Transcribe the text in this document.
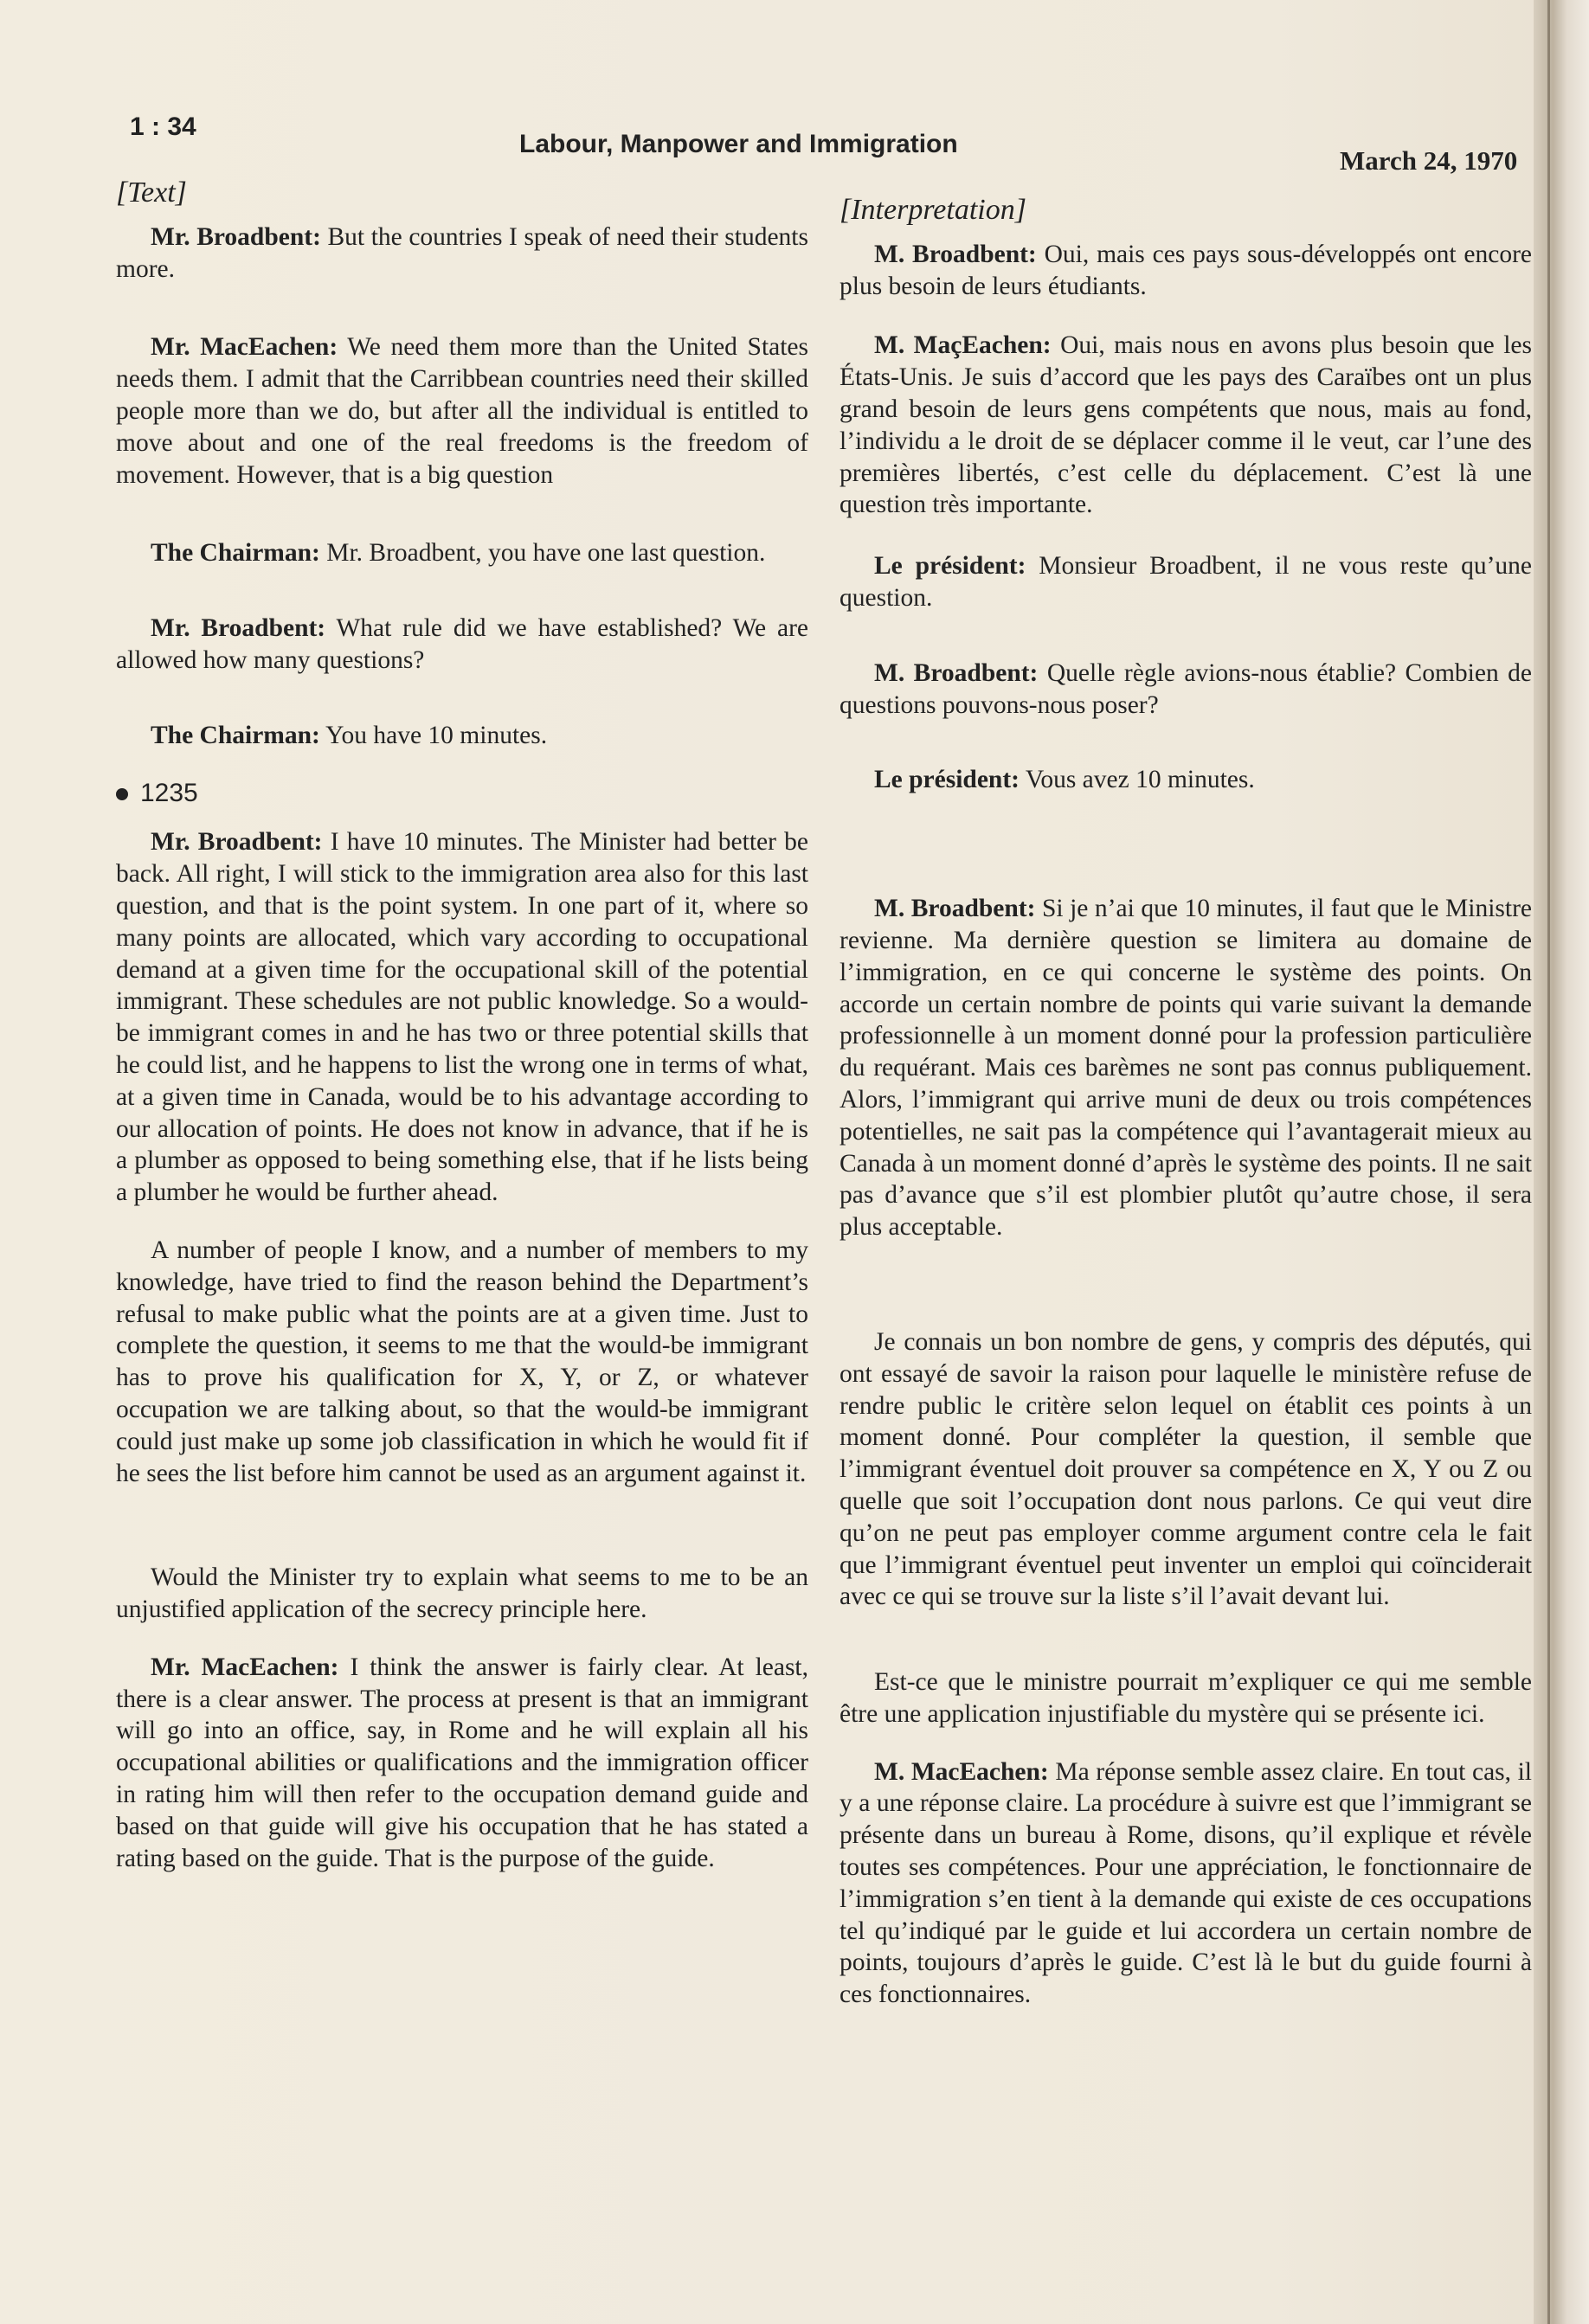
1 : 34
Labour, Manpower and Immigration
March 24, 1970
[Text]

Mr. Broadbent: But the countries I speak of need their students more.

Mr. MacEachen: We need them more than the United States needs them. I admit that the Carribbean countries need their skilled people more than we do, but after all the individual is entitled to move about and one of the real freedoms is the freedom of movement. However, that is a big question

The Chairman: Mr. Broadbent, you have one last question.

Mr. Broadbent: What rule did we have established? We are allowed how many questions?

The Chairman: You have 10 minutes.

1235

Mr. Broadbent: I have 10 minutes. The Minister had better be back. All right, I will stick to the immigration area also for this last question, and that is the point system. In one part of it, where so many points are allocated, which vary according to occupational demand at a given time for the occupational skill of the potential immigrant. These schedules are not public knowledge. So a would-be immigrant comes in and he has two or three potential skills that he could list, and he happens to list the wrong one in terms of what, at a given time in Canada, would be to his advantage according to our allocation of points. He does not know in advance, that if he is a plumber as opposed to being something else, that if he lists being a plumber he would be further ahead.

A number of people I know, and a number of members to my knowledge, have tried to find the reason behind the Department’s refusal to make public what the points are at a given time. Just to complete the question, it seems to me that the would-be immigrant has to prove his qualification for X, Y, or Z, or whatever occupation we are talking about, so that the would-be immigrant could just make up some job classification in which he would fit if he sees the list before him cannot be used as an argument against it.

Would the Minister try to explain what seems to me to be an unjustified application of the secrecy principle here.

Mr. MacEachen: I think the answer is fairly clear. At least, there is a clear answer. The process at present is that an immigrant will go into an office, say, in Rome and he will explain all his occupational abilities or qualifications and the immigration officer in rating him will then refer to the occupation demand guide and based on that guide will give his occupation that he has stated a rating based on the guide. That is the purpose of the guide.

[Interpretation]

M. Broadbent: Oui, mais ces pays sous-développés ont encore plus besoin de leurs étudiants.

M. MaçEachen: Oui, mais nous en avons plus besoin que les États-Unis. Je suis d’accord que les pays des Caraïbes ont un plus grand besoin de leurs gens compétents que nous, mais au fond, l’individu a le droit de se déplacer comme il le veut, car l’une des premières libertés, c’est celle du déplacement. C’est là une question très importante.

Le président: Monsieur Broadbent, il ne vous reste qu’une question.

M. Broadbent: Quelle règle avions-nous établie? Combien de questions pouvons-nous poser?

Le président: Vous avez 10 minutes.

M. Broadbent: Si je n’ai que 10 minutes, il faut que le Ministre revienne. Ma dernière question se limitera au domaine de l’immigration, en ce qui concerne le système des points. On accorde un certain nombre de points qui varie suivant la demande professionnelle à un moment donné pour la profession particulière du requérant. Mais ces barèmes ne sont pas connus publiquement. Alors, l’immigrant qui arrive muni de deux ou trois compétences potentielles, ne sait pas la compétence qui l’avantagerait mieux au Canada à un moment donné d’après le système des points. Il ne sait pas d’avance que s’il est plombier plutôt qu’autre chose, il sera plus acceptable.

Je connais un bon nombre de gens, y compris des députés, qui ont essayé de savoir la raison pour laquelle le ministère refuse de rendre public le critère selon lequel on établit ces points à un moment donné. Pour compléter la question, il semble que l’immigrant éventuel doit prouver sa compétence en X, Y ou Z ou quelle que soit l’occupation dont nous parlons. Ce qui veut dire qu’on ne peut pas employer comme argument contre cela le fait que l’immigrant éventuel peut inventer un emploi qui coïnciderait avec ce qui se trouve sur la liste s’il l’avait devant lui.

Est-ce que le ministre pourrait m’expliquer ce qui me semble être une application injustifiable du mystère qui se présente ici.

M. MacEachen: Ma réponse semble assez claire. En tout cas, il y a une réponse claire. La procédure à suivre est que l’immigrant se présente dans un bureau à Rome, disons, qu’il explique et révèle toutes ses compétences. Pour une appréciation, le fonctionnaire de l’immigration s’en tient à la demande qui existe de ces occupations tel qu’indiqué par le guide et lui accordera un certain nombre de points, toujours d’après le guide. C’est là le but du guide fourni à ces fonctionnaires.
